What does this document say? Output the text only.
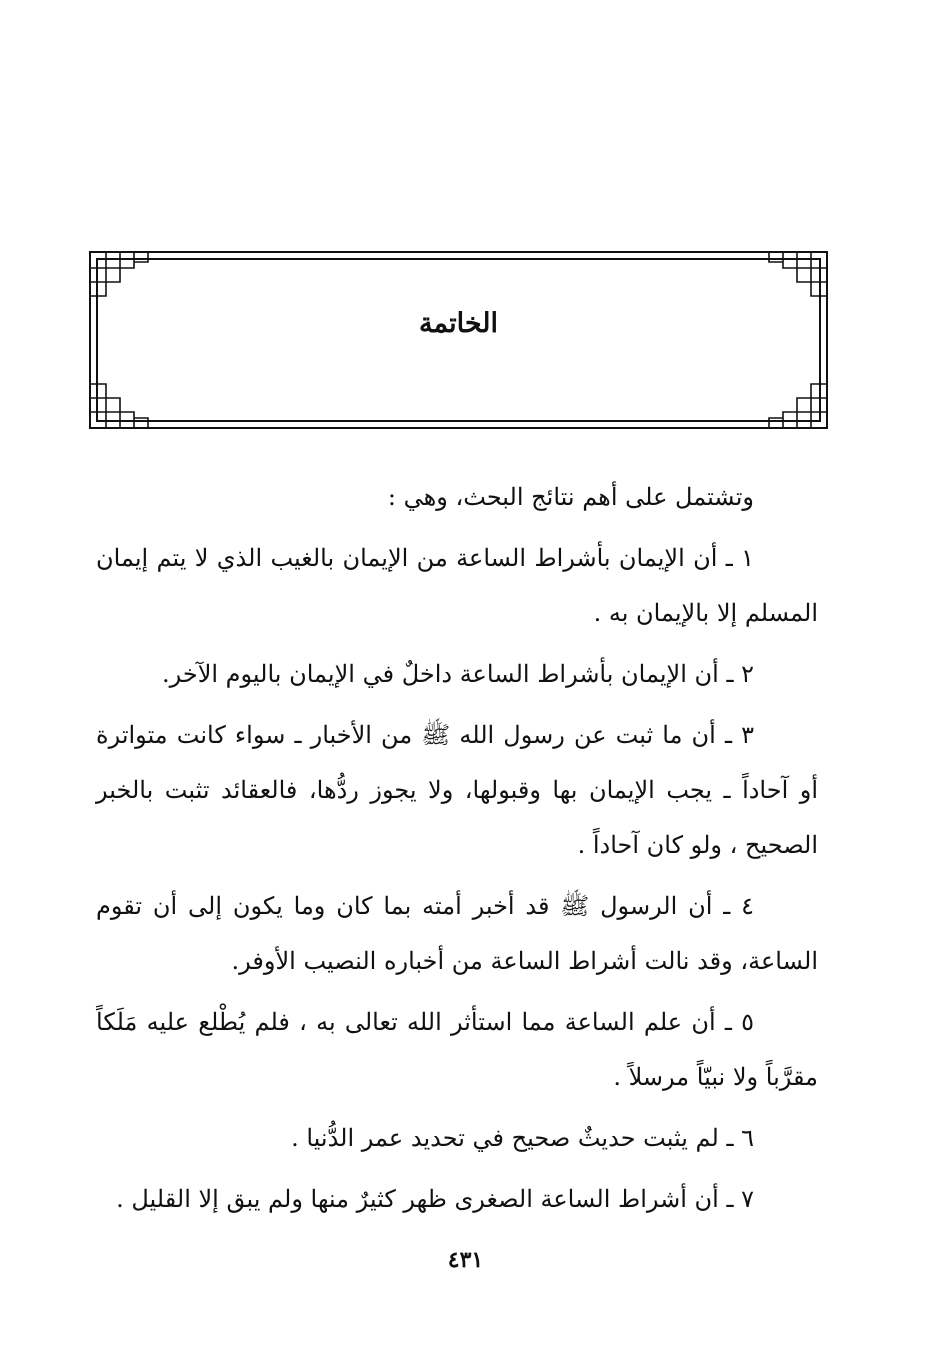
الخاتمة

وتشتمل على أهم نتائج البحث، وهي :

١ ـ أن الإيمان بأشراط الساعة من الإيمان بالغيب الذي لا يتم إيمان المسلم إلا بالإيمان به .

٢ ـ أن الإيمان بأشراط الساعة داخلٌ في الإيمان باليوم الآخر.

٣ ـ أن ما ثبت عن رسول الله ﷺ من الأخبار ـ سواء كانت متواترة أو آحاداً ـ يجب الإيمان بها وقبولها، ولا يجوز ردُّها، فالعقائد تثبت بالخبر الصحيح ، ولو كان آحاداً .

٤ ـ أن الرسول ﷺ قد أخبر أمته بما كان وما يكون إلى أن تقوم الساعة، وقد نالت أشراط الساعة من أخباره النصيب الأوفر.

٥ ـ أن علم الساعة مما استأثر الله تعالى به ، فلم يُطْلع عليه مَلَكاً مقرَّباً ولا نبيّاً مرسلاً .

٦ ـ لم يثبت حديثٌ صحيح في تحديد عمر الدُّنيا .

٧ ـ أن أشراط الساعة الصغرى ظهر كثيرٌ منها ولم يبق إلا القليل .

٤٣١
